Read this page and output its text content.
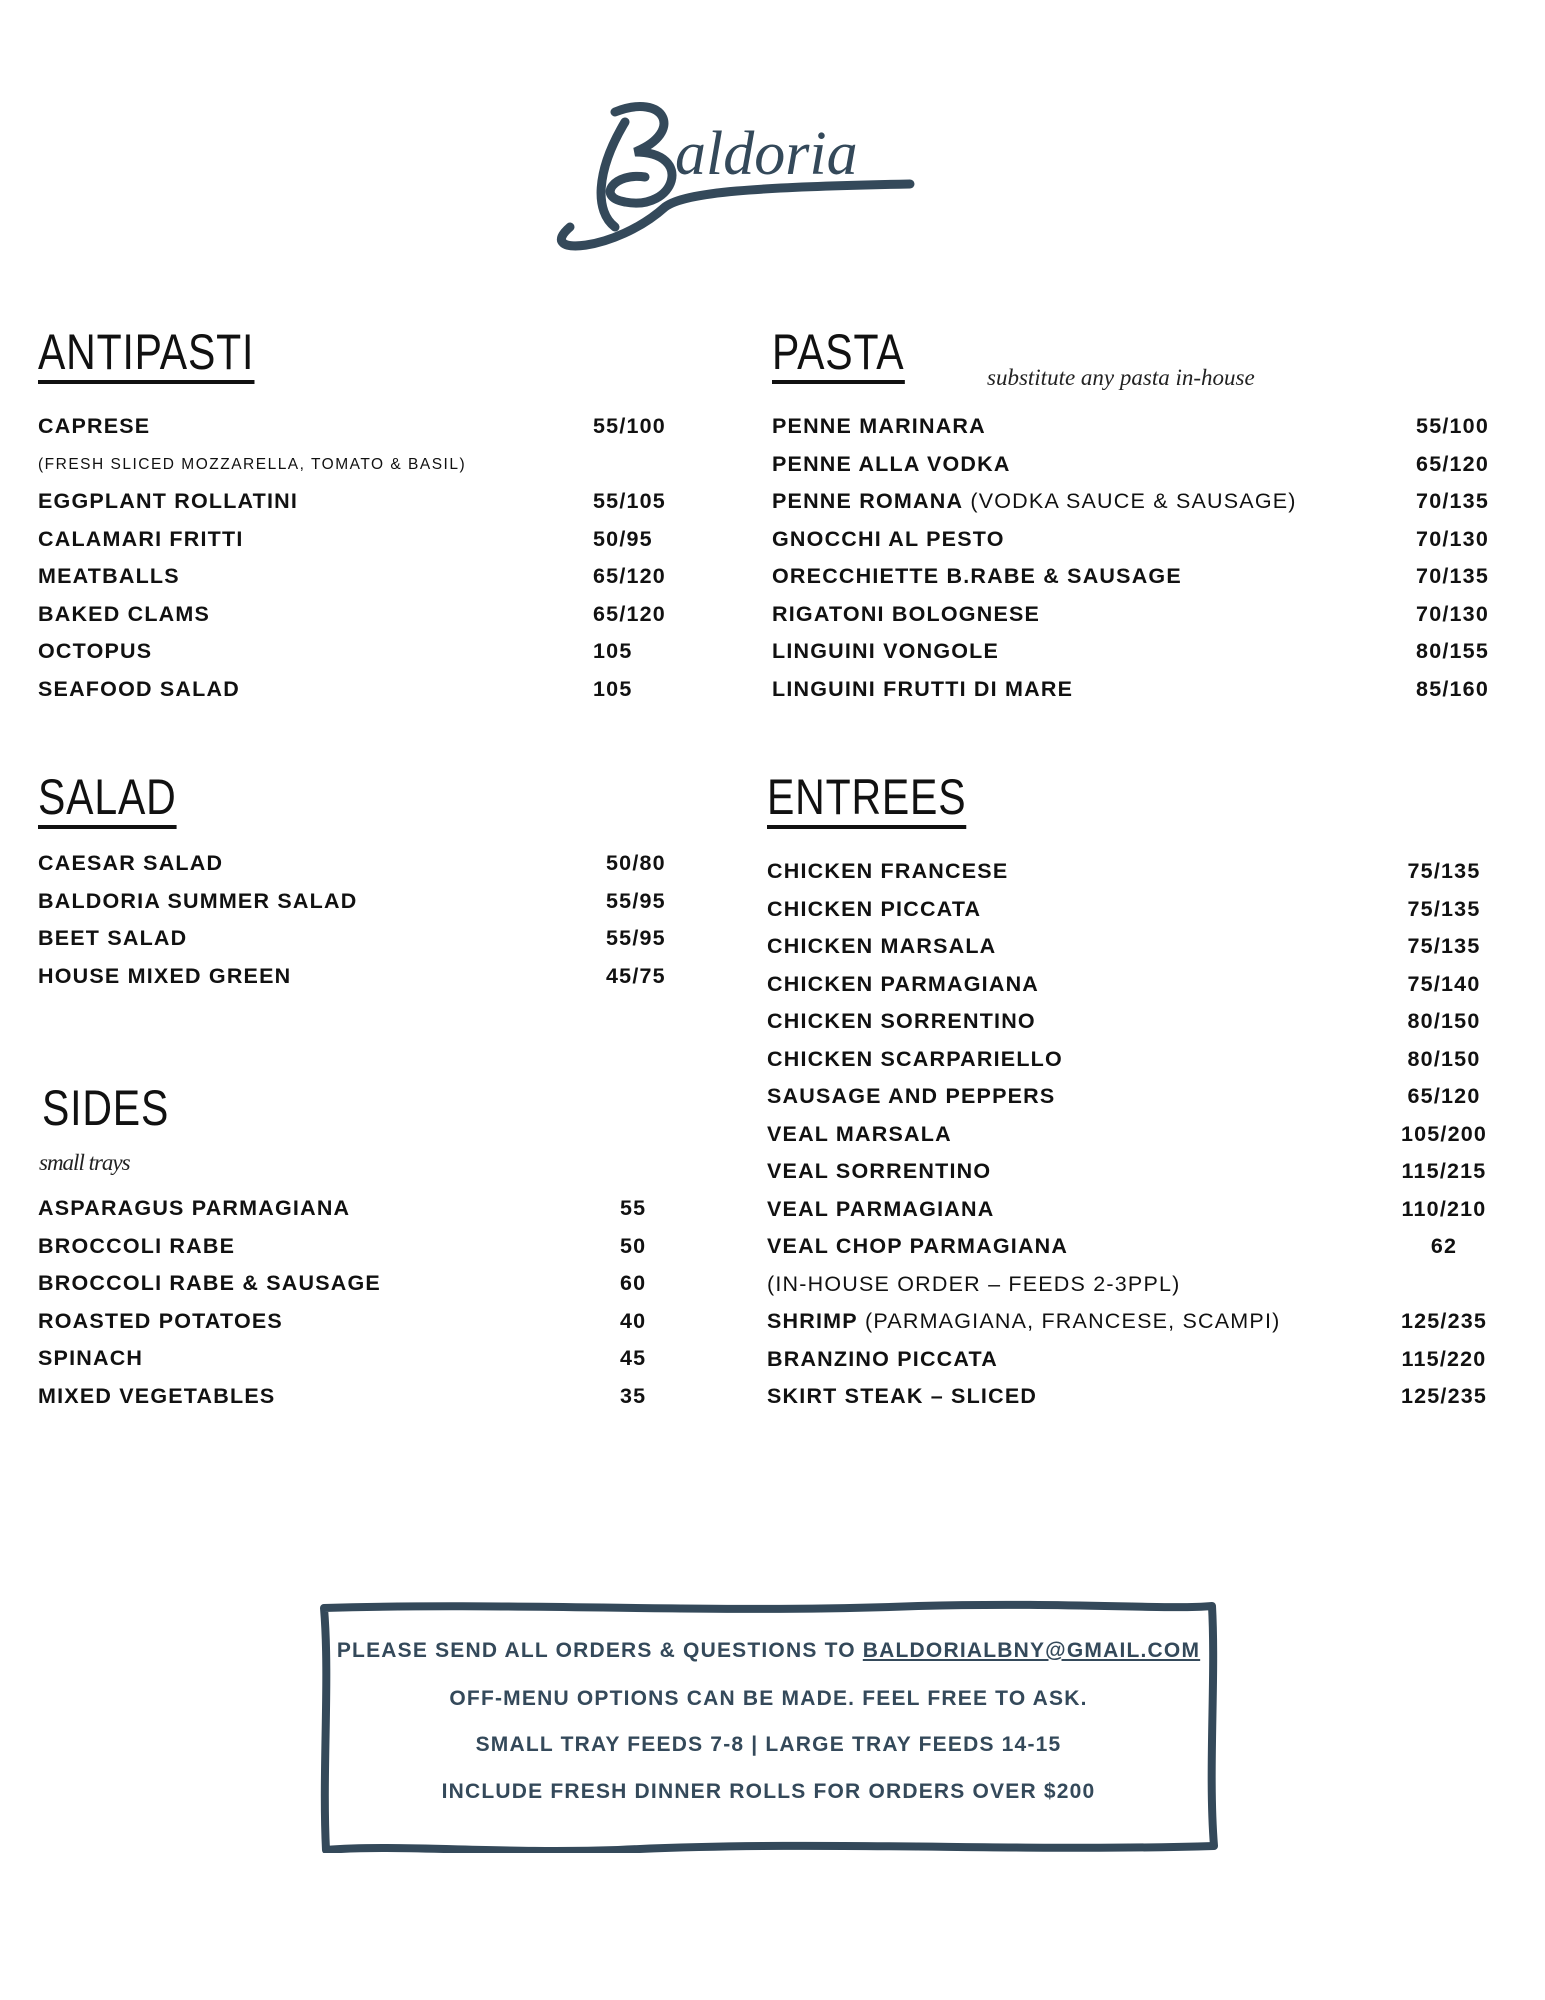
aldoria
ANTIPASTI
CAPRESE	55/100
(FRESH SLICED MOZZARELLA, TOMATO & BASIL)
EGGPLANT ROLLATINI	55/105
CALAMARI FRITTI	50/95
MEATBALLS	65/120
BAKED CLAMS	65/120
OCTOPUS	105
SEAFOOD SALAD	105
PASTA	substitute any pasta in-house
PENNE MARINARA	55/100
PENNE ALLA VODKA	65/120
PENNE ROMANA (VODKA SAUCE & SAUSAGE)	70/135
GNOCCHI AL PESTO	70/130
ORECCHIETTE B.RABE & SAUSAGE	70/135
RIGATONI BOLOGNESE	70/130
LINGUINI VONGOLE	80/155
LINGUINI FRUTTI DI MARE	85/160
SALAD
CAESAR SALAD	50/80
BALDORIA SUMMER SALAD	55/95
BEET SALAD	55/95
HOUSE MIXED GREEN	45/75
SIDES
small trays
ASPARAGUS PARMAGIANA	55
BROCCOLI RABE	50
BROCCOLI RABE & SAUSAGE	60
ROASTED POTATOES	40
SPINACH	45
MIXED VEGETABLES	35
ENTREES
CHICKEN FRANCESE	75/135
CHICKEN PICCATA	75/135
CHICKEN MARSALA	75/135
CHICKEN PARMAGIANA	75/140
CHICKEN SORRENTINO	80/150
CHICKEN SCARPARIELLO	80/150
SAUSAGE AND PEPPERS	65/120
VEAL MARSALA	105/200
VEAL SORRENTINO	115/215
VEAL PARMAGIANA	110/210
VEAL CHOP PARMAGIANA	62
(IN-HOUSE ORDER – FEEDS 2-3PPL)
SHRIMP (PARMAGIANA, FRANCESE, SCAMPI)	125/235
BRANZINO PICCATA	115/220
SKIRT STEAK – SLICED	125/235
PLEASE SEND ALL ORDERS & QUESTIONS TO BALDORIALBNY@GMAIL.COM
OFF-MENU OPTIONS CAN BE MADE. FEEL FREE TO ASK.
SMALL TRAY FEEDS 7-8 | LARGE TRAY FEEDS 14-15
INCLUDE FRESH DINNER ROLLS FOR ORDERS OVER $200
